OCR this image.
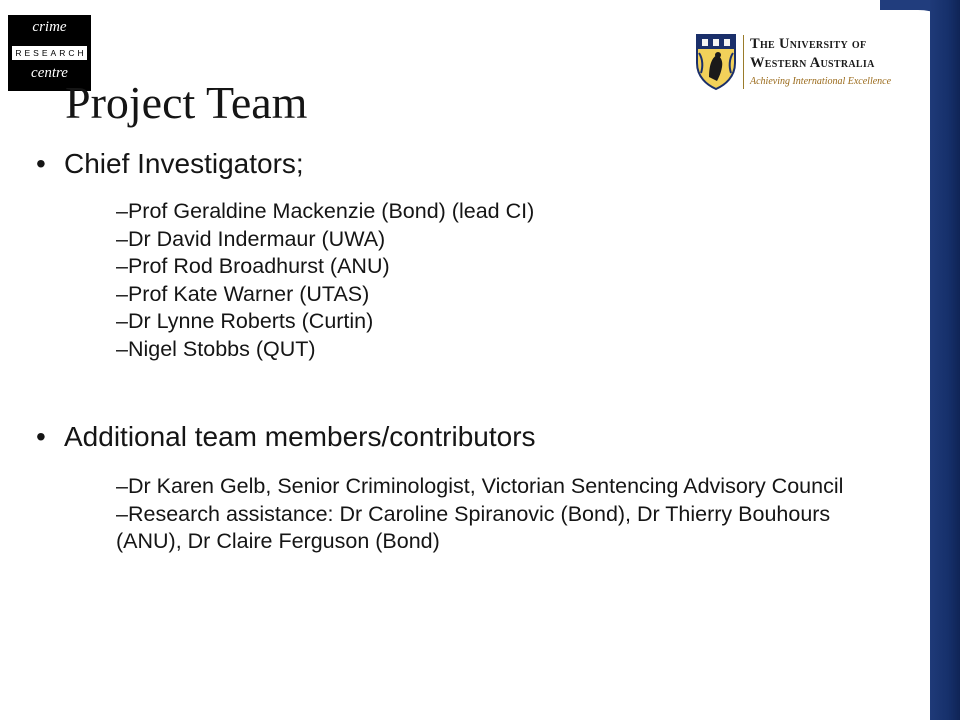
crime
RESEARCH
centre
The University of
Western Australia
Achieving International Excellence
Project Team
• Chief Investigators;
–Prof Geraldine Mackenzie (Bond) (lead CI)
–Dr David Indermaur (UWA)
–Prof Rod Broadhurst (ANU)
–Prof Kate Warner (UTAS)
–Dr Lynne Roberts (Curtin)
–Nigel Stobbs (QUT)
• Additional team members/contributors
–Dr Karen Gelb, Senior Criminologist, Victorian Sentencing Advisory Council
–Research assistance: Dr Caroline Spiranovic (Bond), Dr Thierry Bouhours (ANU), Dr Claire Ferguson (Bond)
